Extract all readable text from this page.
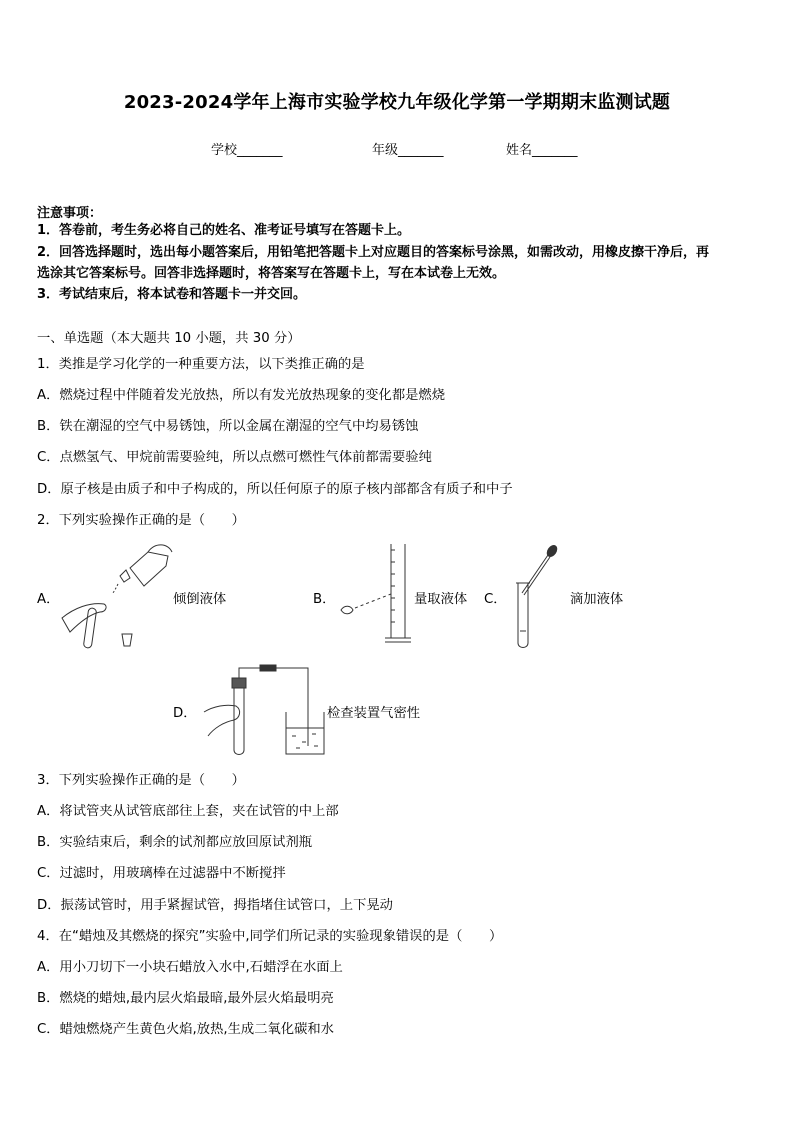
2023-2024学年上海市实验学校九年级化学第一学期期末监测试题
学校_______	年级_______	姓名_______
注意事项：
1．答卷前，考生务必将自己的姓名、准考证号填写在答题卡上。
2．回答选择题时，选出每小题答案后，用铅笔把答题卡上对应题目的答案标号涂黑，如需改动，用橡皮擦干净后，再
选涂其它答案标号。回答非选择题时，将答案写在答题卡上，写在本试卷上无效。
3．考试结束后，将本试卷和答题卡一并交回。
一、单选题（本大题共 10 小题，共 30 分）
1．类推是学习化学的一种重要方法，以下类推正确的是
A．燃烧过程中伴随着发光放热，所以有发光放热现象的变化都是燃烧
B．铁在潮湿的空气中易锈蚀，所以金属在潮湿的空气中均易锈蚀
C．点燃氢气、甲烷前需要验纯，所以点燃可燃性气体前都需要验纯
D．原子核是由质子和中子构成的，所以任何原子的原子核内部都含有质子和中子
2．下列实验操作正确的是（　　）
A．	倾倒液体	B．	量取液体 C．	滴加液体
D．	检查装置气密性
3．下列实验操作正确的是（　　）
A．将试管夹从试管底部往上套，夹在试管的中上部
B．实验结束后，剩余的试剂都应放回原试剂瓶
C．过滤时，用玻璃棒在过滤器中不断搅拌
D．振荡试管时，用手紧握试管，拇指堵住试管口，上下晃动
4．在“蜡烛及其燃烧的探究”实验中,同学们所记录的实验现象错误的是（　　）
A．用小刀切下一小块石蜡放入水中,石蜡浮在水面上
B．燃烧的蜡烛,最内层火焰最暗,最外层火焰最明亮
C．蜡烛燃烧产生黄色火焰,放热,生成二氧化碳和水
